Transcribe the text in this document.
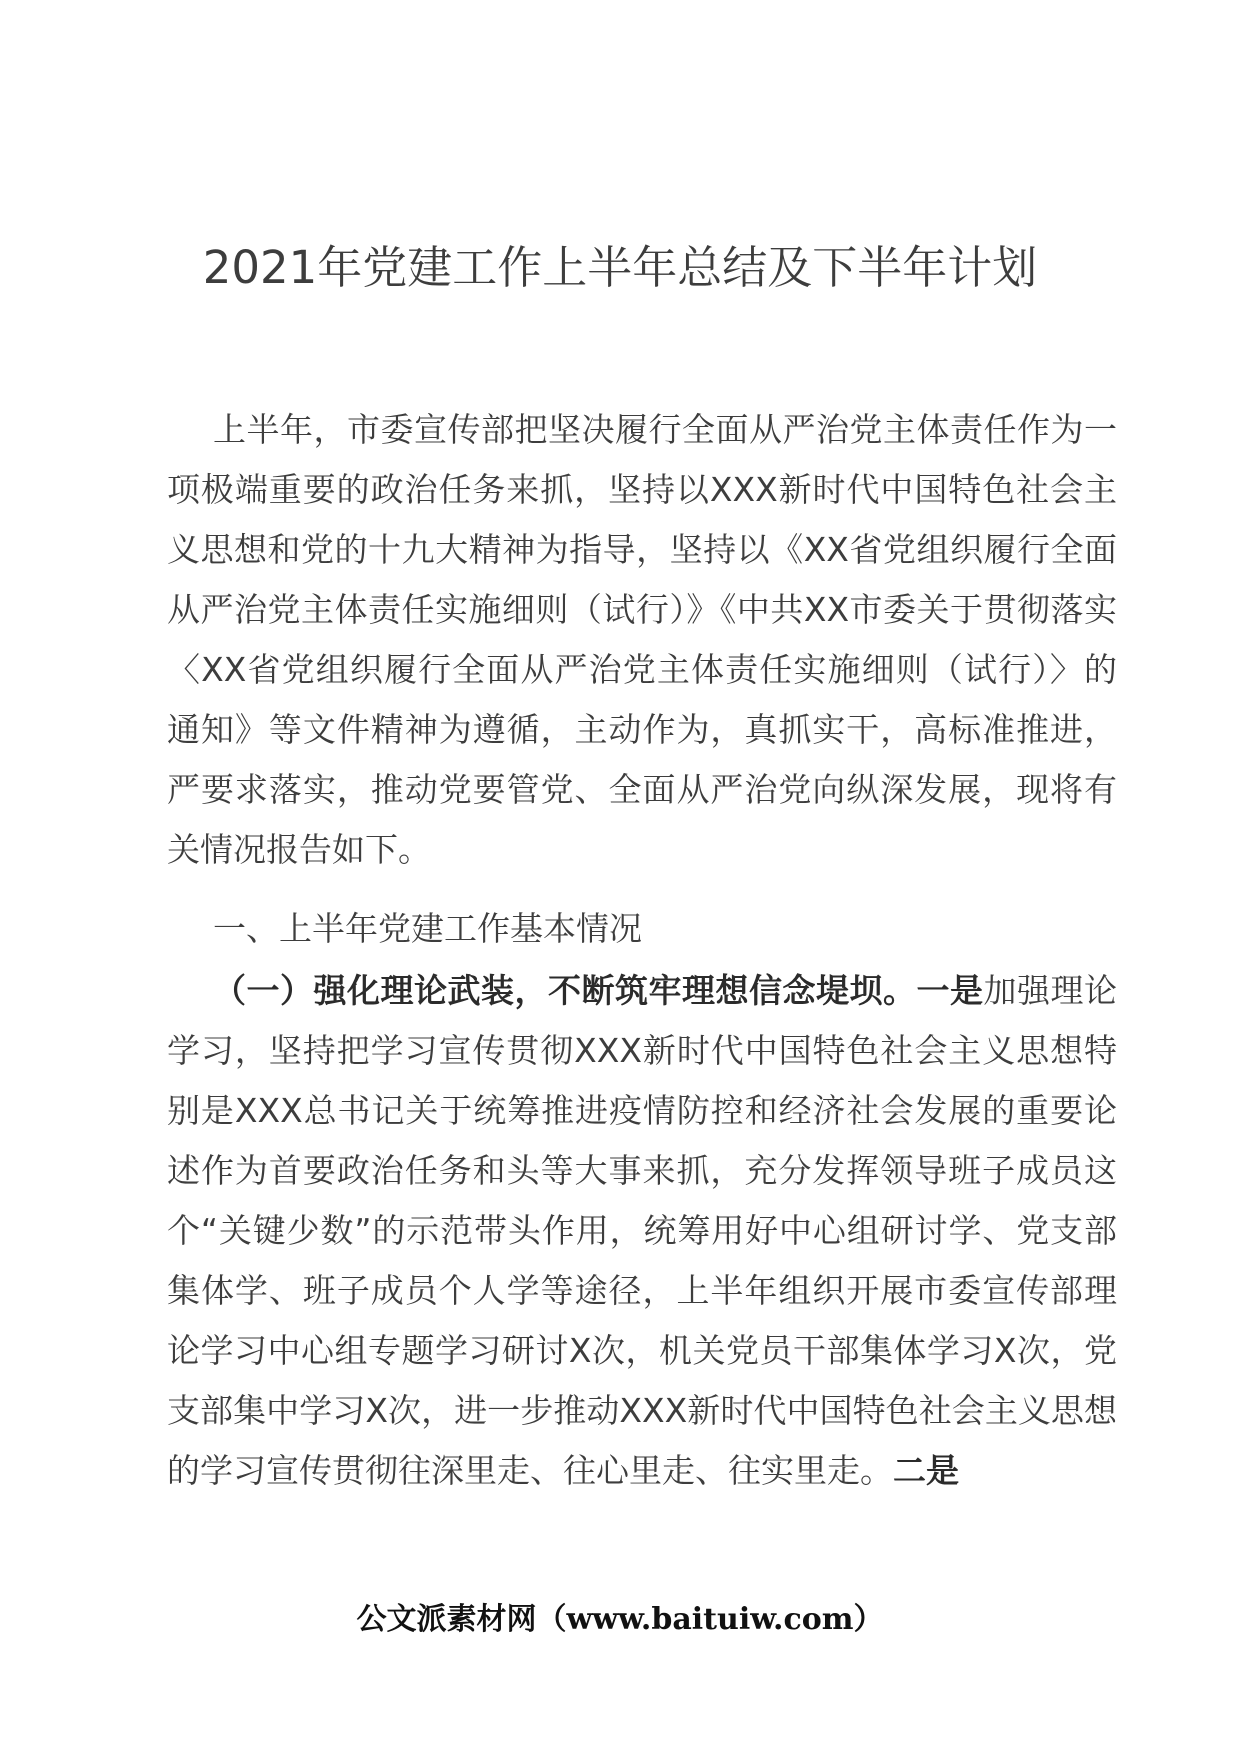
2021年党建工作上半年总结及下半年计划

上半年，市委宣传部把坚决履行全面从严治党主体责任作为一项极端重要的政治任务来抓，坚持以XXX新时代中国特色社会主义思想和党的十九大精神为指导，坚持以《XX省党组织履行全面从严治党主体责任实施细则（试行）》《中共XX市委关于贯彻落实〈XX省党组织履行全面从严治党主体责任实施细则（试行）〉的通知》等文件精神为遵循，主动作为，真抓实干，高标准推进，严要求落实，推动党要管党、全面从严治党向纵深发展，现将有关情况报告如下。

一、上半年党建工作基本情况

（一）强化理论武装，不断筑牢理想信念堤坝。一是加强理论学习，坚持把学习宣传贯彻XXX新时代中国特色社会主义思想特别是XXX总书记关于统筹推进疫情防控和经济社会发展的重要论述作为首要政治任务和头等大事来抓，充分发挥领导班子成员这个“关键少数”的示范带头作用，统筹用好中心组研讨学、党支部集体学、班子成员个人学等途径，上半年组织开展市委宣传部理论学习中心组专题学习研讨X次，机关党员干部集体学习X次，党支部集中学习X次，进一步推动XXX新时代中国特色社会主义思想的学习宣传贯彻往深里走、往心里走、往实里走。二是

公文派素材网（www.baituiw.com）
